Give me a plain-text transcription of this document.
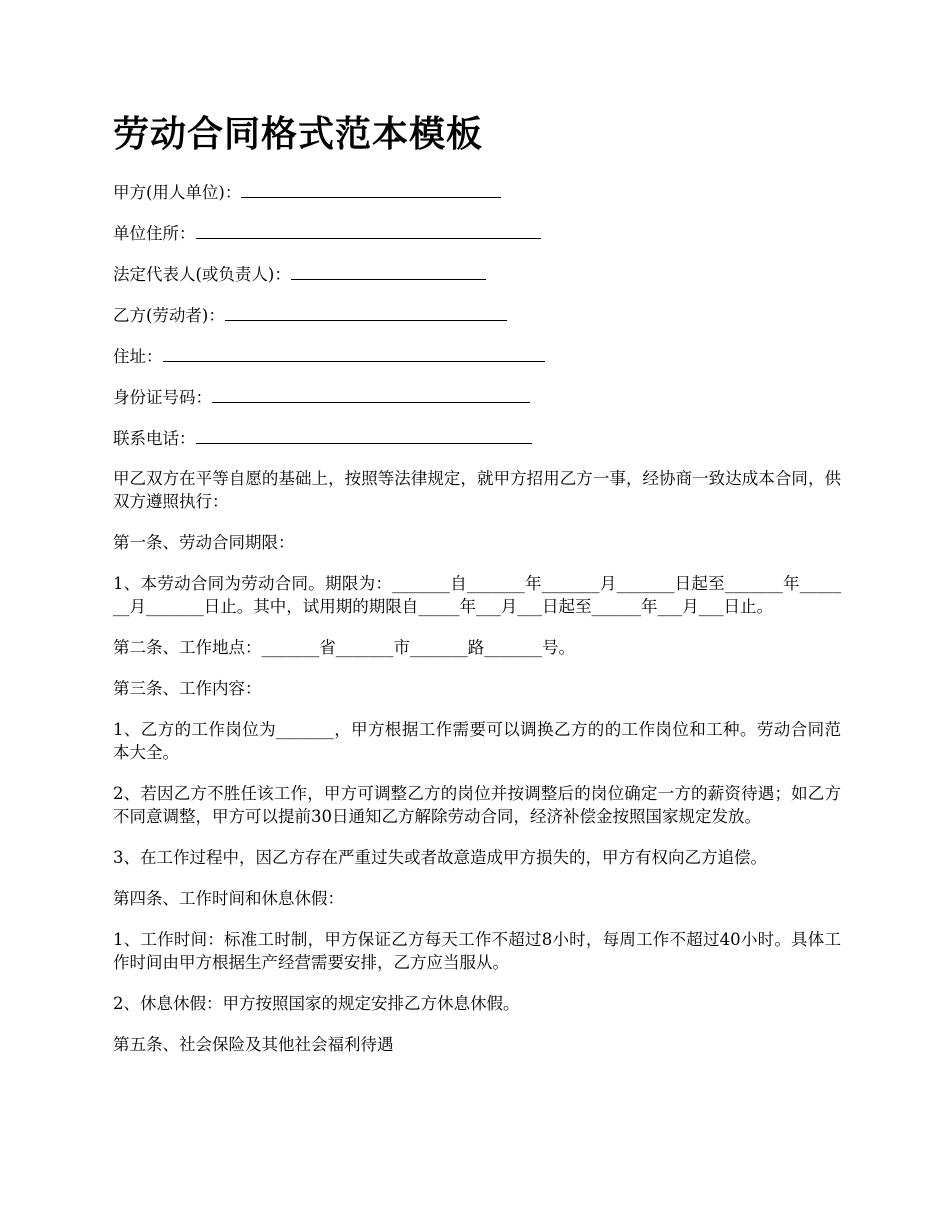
劳动合同格式范本模板
甲方(用人单位)：
单位住所：
法定代表人(或负责人)：
乙方(劳动者)：
住址：
身份证号码：
联系电话：

甲乙双方在平等自愿的基础上，按照等法律规定，就甲方招用乙方一事，经协商一致达成本合同，供双方遵照执行：

第一条、劳动合同期限：

1、本劳动合同为劳动合同。期限为：_______自_______年_______月_______日起至_______年_______月_______日止。其中，试用期的期限自_____年___月___日起至______年___月___日止。

第二条、工作地点：_______省_______市_______路_______号。

第三条、工作内容：

1、乙方的工作岗位为_______，甲方根据工作需要可以调换乙方的的工作岗位和工种。劳动合同范本大全。

2、若因乙方不胜任该工作，甲方可调整乙方的岗位并按调整后的岗位确定一方的薪资待遇；如乙方不同意调整，甲方可以提前30日通知乙方解除劳动合同，经济补偿金按照国家规定发放。

3、在工作过程中，因乙方存在严重过失或者故意造成甲方损失的，甲方有权向乙方追偿。

第四条、工作时间和休息休假：

1、工作时间：标准工时制，甲方保证乙方每天工作不超过8小时，每周工作不超过40小时。具体工作时间由甲方根据生产经营需要安排，乙方应当服从。

2、休息休假：甲方按照国家的规定安排乙方休息休假。

第五条、社会保险及其他社会福利待遇
